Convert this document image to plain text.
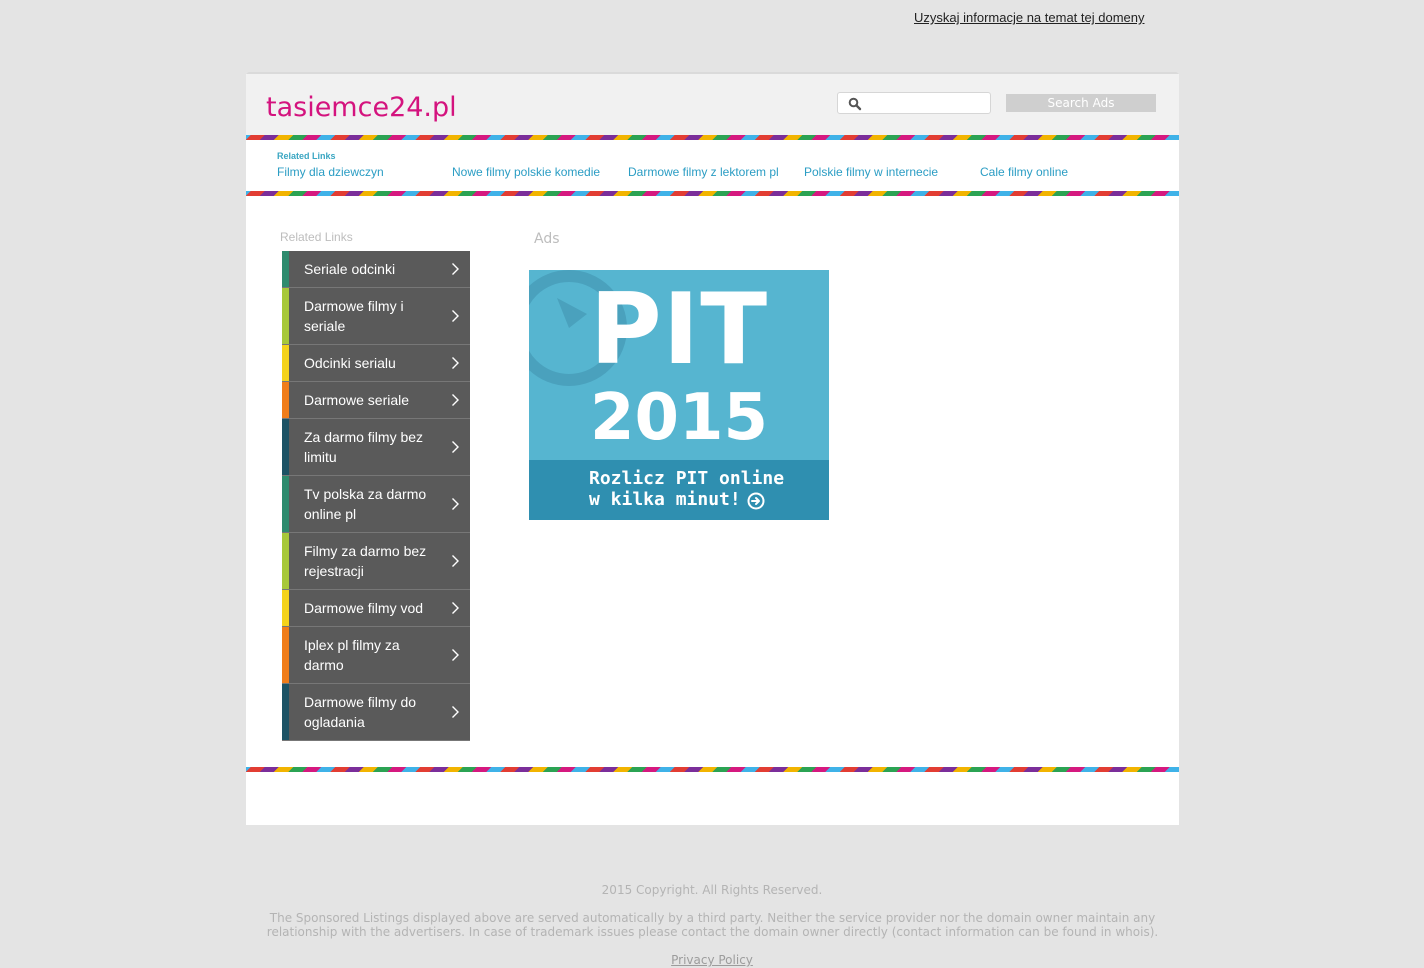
Uzyskaj informacje na temat tej domeny
tasiemce24.pl	Search Ads
Related Links
Filmy dla dziewczyn	Nowe filmy polskie komedie Darmowe filmy z lektorem pl Polskie filmy w internecie	Cale filmy online
Related Links
Seriale odcinki
Darmowe filmy i seriale
Odcinki serialu
Darmowe seriale
Za darmo filmy bez limitu
Tv polska za darmo online pl
Filmy za darmo bez rejestracji
Darmowe filmy vod
Iplex pl filmy za darmo
Darmowe filmy do ogladania
Ads
PIT
2015
Rozlicz PIT online
w kilka minut!
2015 Copyright. All Rights Reserved.
The Sponsored Listings displayed above are served automatically by a third party. Neither the service provider nor the domain owner maintain any relationship with the advertisers. In case of trademark issues please contact the domain owner directly (contact information can be found in whois).
Privacy Policy
